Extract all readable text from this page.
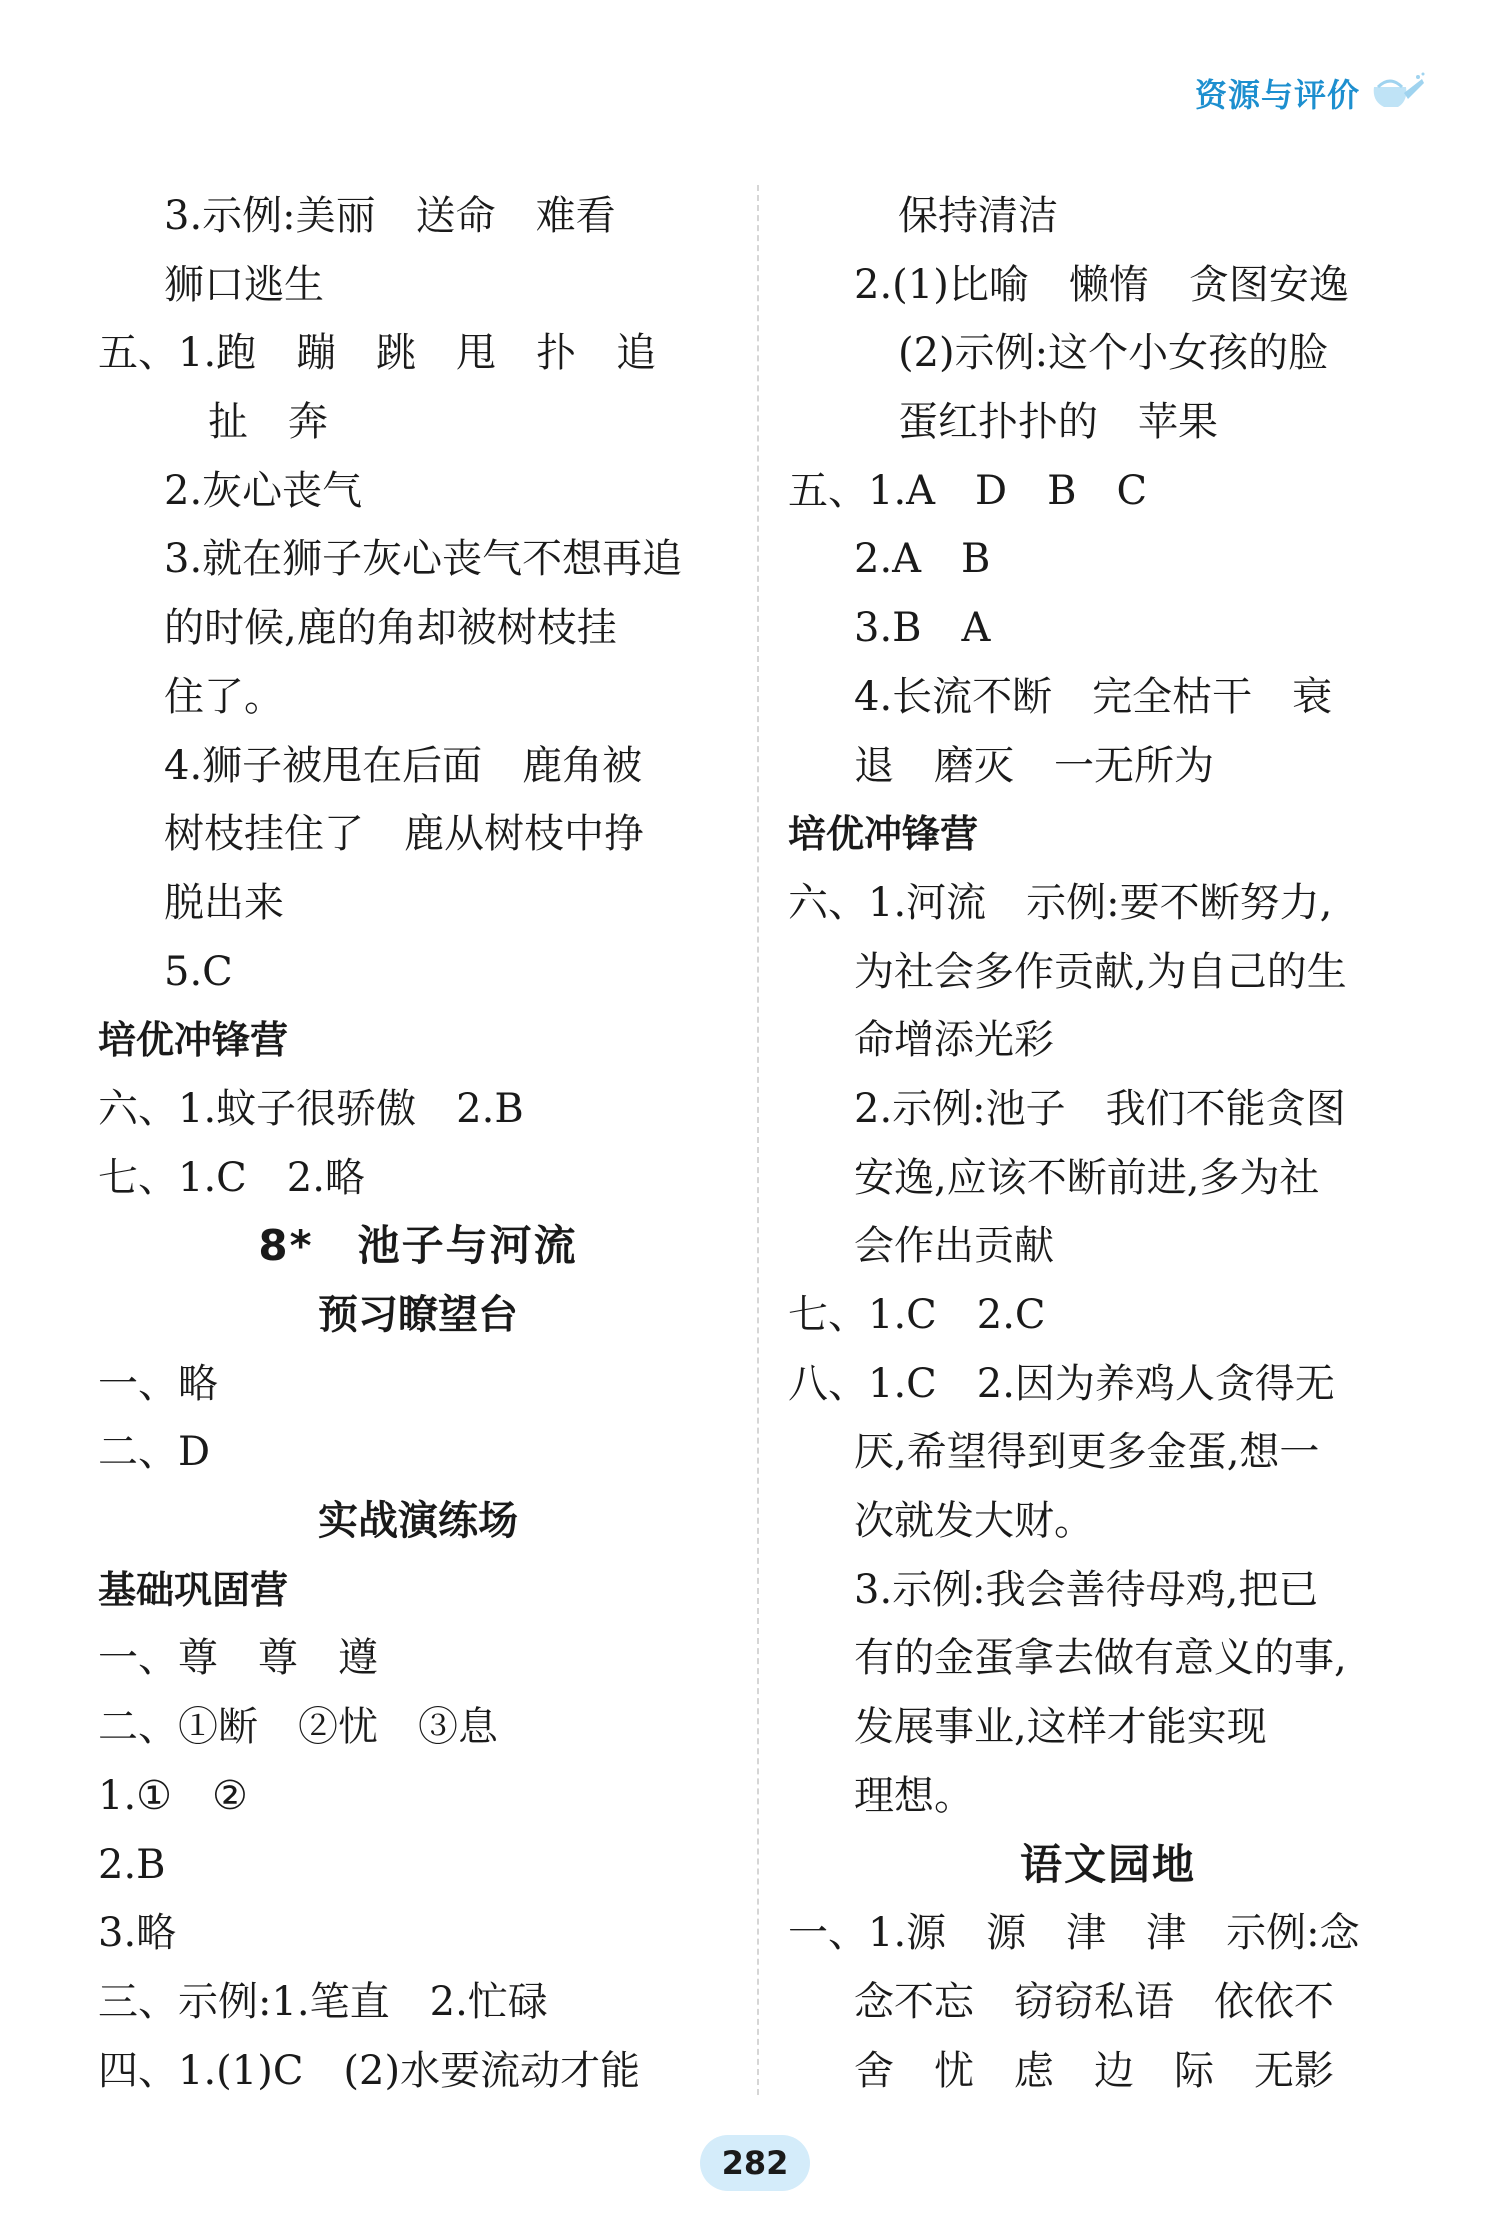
资源与评价
3.示例:美丽　送命　难看
狮口逃生
五、1.跑　蹦　跳　甩　扑　追
扯　奔
2.灰心丧气
3.就在狮子灰心丧气不想再追
的时候,鹿的角却被树枝挂
住了。
4.狮子被甩在后面　鹿角被
树枝挂住了　鹿从树枝中挣
脱出来
5.C
培优冲锋营
六、1.蚊子很骄傲　2.B
七、1.C　2.略
8*　池子与河流
预习瞭望台
一、略
二、D
实战演练场
基础巩固营
一、尊　尊　遵
二、①断　②忧　③息
1.①　②
2.B
3.略
三、示例:1.笔直　2.忙碌
四、1.(1)C　(2)水要流动才能
保持清洁
2.(1)比喻　懒惰　贪图安逸
(2)示例:这个小女孩的脸
蛋红扑扑的　苹果
五、1.A　D　B　C
2.A　B
3.B　A
4.长流不断　完全枯干　衰
退　磨灭　一无所为
培优冲锋营
六、1.河流　示例:要不断努力,
为社会多作贡献,为自己的生
命增添光彩
2.示例:池子　我们不能贪图
安逸,应该不断前进,多为社
会作出贡献
七、1.C　2.C
八、1.C　2.因为养鸡人贪得无
厌,希望得到更多金蛋,想一
次就发大财。
3.示例:我会善待母鸡,把已
有的金蛋拿去做有意义的事,
发展事业,这样才能实现
理想。
语文园地
一、1.源　源　津　津　示例:念
念不忘　窃窃私语　依依不
舍　忧　虑　边　际　无影
282
